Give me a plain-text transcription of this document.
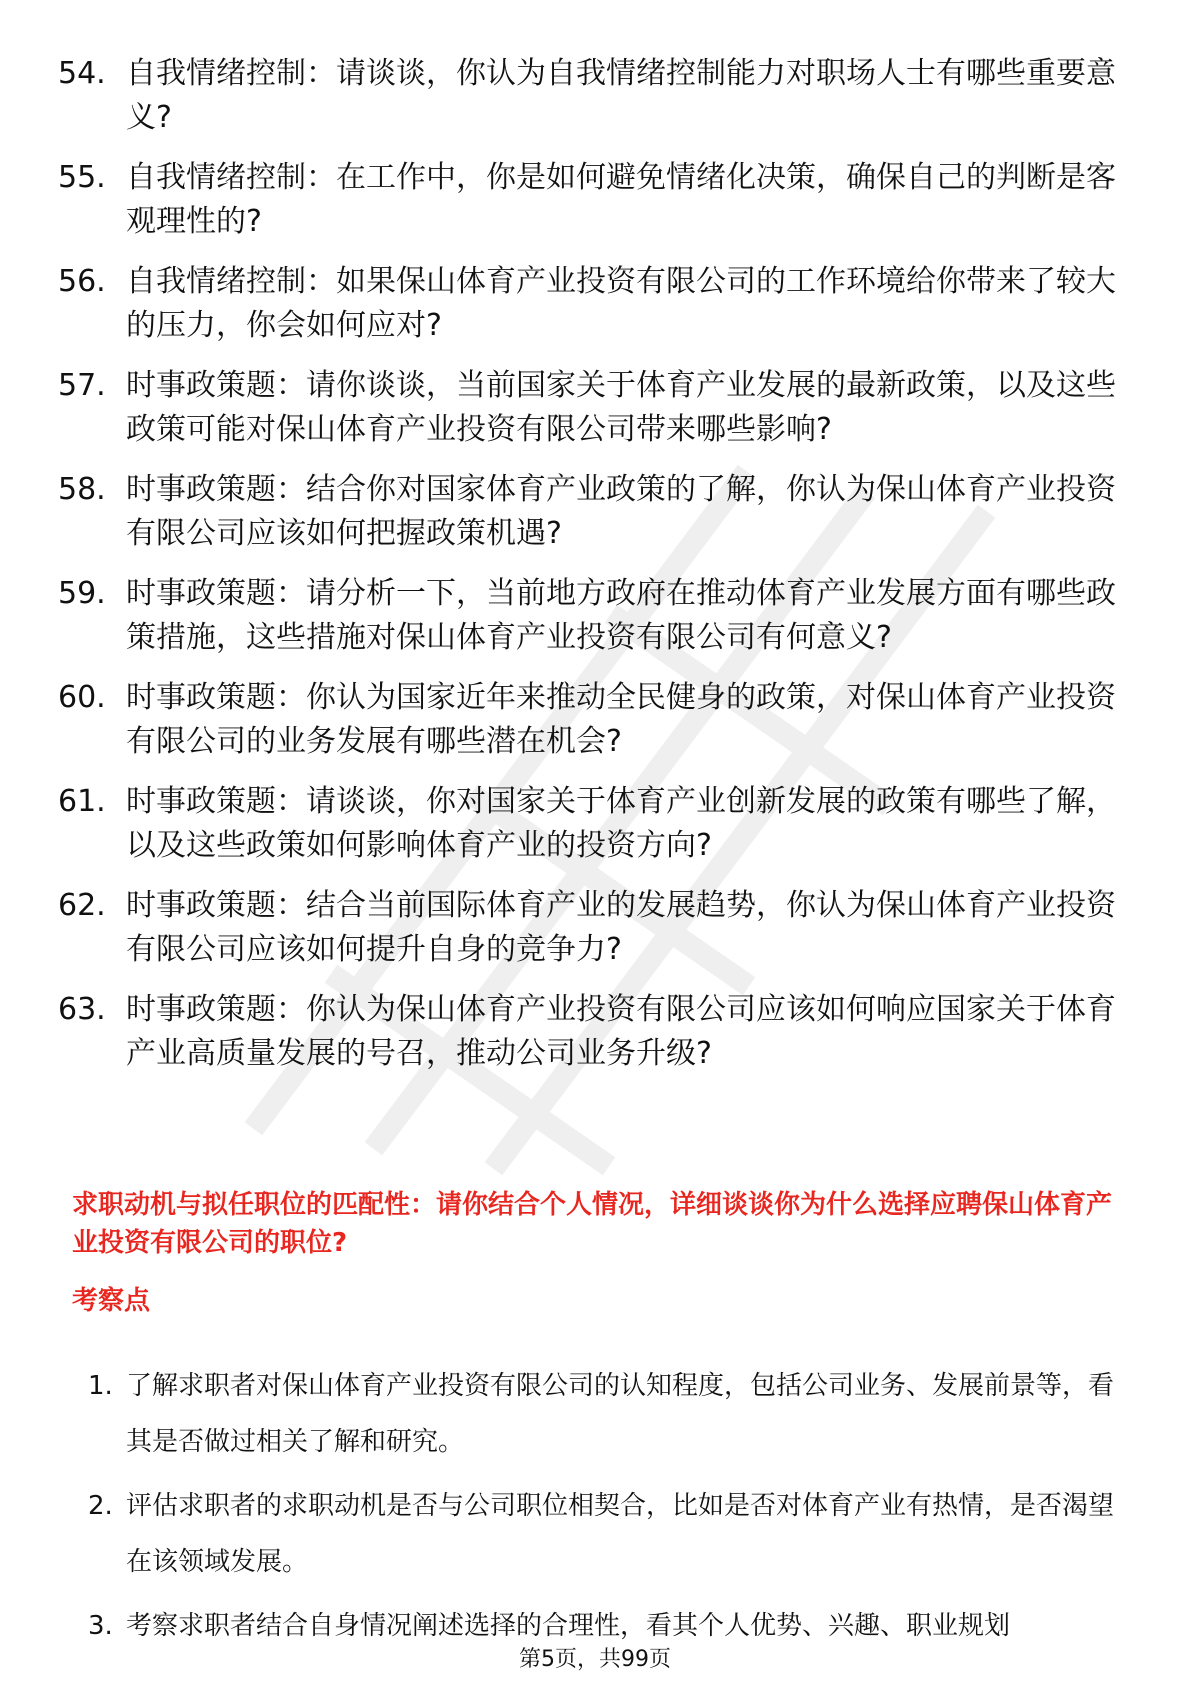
54. 自我情绪控制：请谈谈，你认为自我情绪控制能力对职场人士有哪些重要意义?
55. 自我情绪控制：在工作中，你是如何避免情绪化决策，确保自己的判断是客观理性的?
56. 自我情绪控制：如果保山体育产业投资有限公司的工作环境给你带来了较大的压力，你会如何应对?
57. 时事政策题：请你谈谈，当前国家关于体育产业发展的最新政策，以及这些政策可能对保山体育产业投资有限公司带来哪些影响?
58. 时事政策题：结合你对国家体育产业政策的了解，你认为保山体育产业投资有限公司应该如何把握政策机遇?
59. 时事政策题：请分析一下，当前地方政府在推动体育产业发展方面有哪些政策措施，这些措施对保山体育产业投资有限公司有何意义?
60. 时事政策题：你认为国家近年来推动全民健身的政策，对保山体育产业投资有限公司的业务发展有哪些潜在机会?
61. 时事政策题：请谈谈，你对国家关于体育产业创新发展的政策有哪些了解，以及这些政策如何影响体育产业的投资方向?
62. 时事政策题：结合当前国际体育产业的发展趋势，你认为保山体育产业投资有限公司应该如何提升自身的竞争力?
63. 时事政策题：你认为保山体育产业投资有限公司应该如何响应国家关于体育产业高质量发展的号召，推动公司业务升级?
求职动机与拟任职位的匹配性：请你结合个人情况，详细谈谈你为什么选择应聘保山体育产业投资有限公司的职位?
考察点
1. 了解求职者对保山体育产业投资有限公司的认知程度，包括公司业务、发展前景等，看其是否做过相关了解和研究。
2. 评估求职者的求职动机是否与公司职位相契合，比如是否对体育产业有热情，是否渴望在该领域发展。
3. 考察求职者结合自身情况阐述选择的合理性，看其个人优势、兴趣、职业规划
第5页，共99页
